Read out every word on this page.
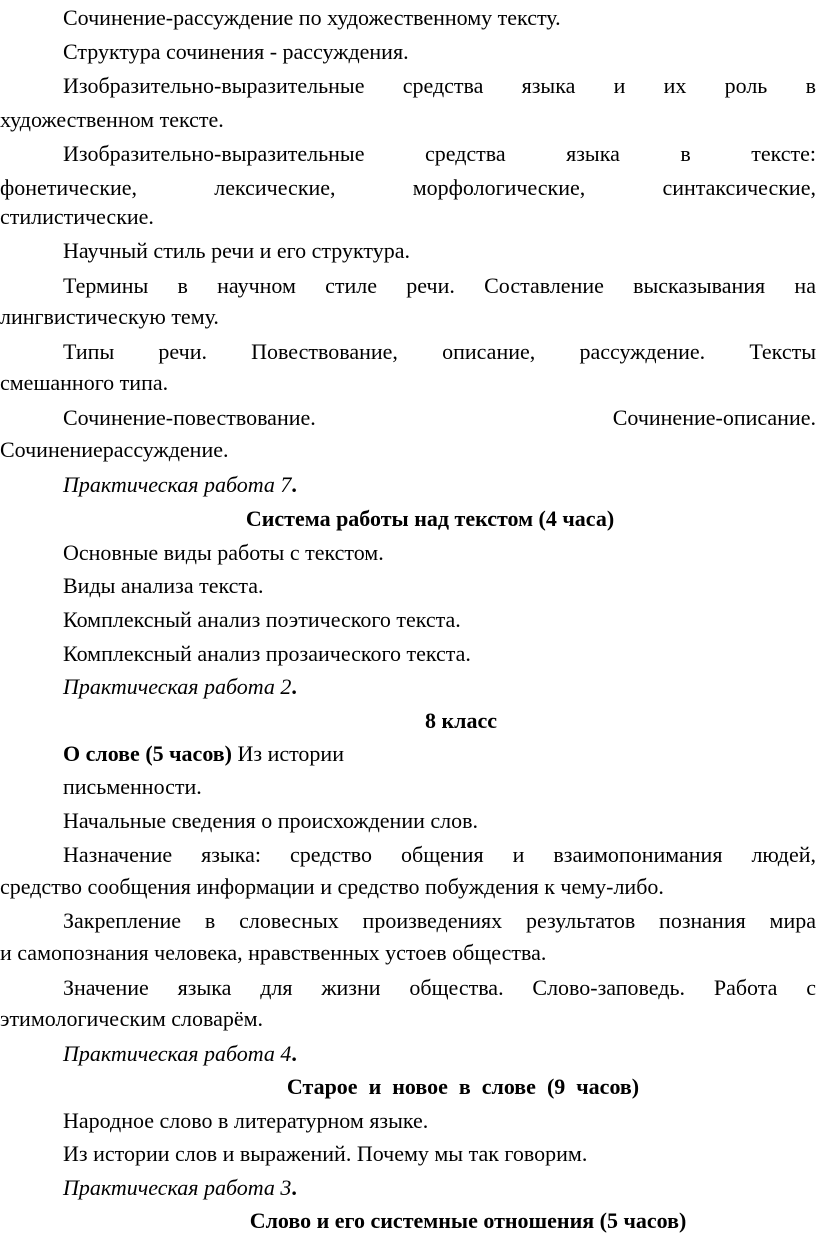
Сочинение-рассуждение по художественному тексту.
Структура сочинения - рассуждения.
Изобразительно-выразительные средства языка и их роль в
художественном тексте.
Изобразительно-выразительные	средства	языка	в	тексте:
фонетические,	лексические,	морфологические,	синтаксические,
стилистические.
Научный стиль речи и его структура.
Термины в научном стиле речи. Составление высказывания на
лингвистическую тему.
Типы речи. Повествование, описание, рассуждение. Тексты
смешанного типа.
Сочинение-повествование.	Сочинение-описание.
Сочинениерассуждение.
Практическая работа 7.
Система работы над текстом (4 часа)
Основные виды работы с текстом.
Виды анализа текста.
Комплексный анализ поэтического текста.
Комплексный анализ прозаического текста.
Практическая работа 2.
8 класс
О слове (5 часов) Из истории
письменности.
Начальные сведения о происхождении слов.
Назначение языка: средство общения и взаимопонимания людей,
средство сообщения информации и средство побуждения к чему-либо.
Закрепление в словесных произведениях результатов познания мира
и самопознания человека, нравственных устоев общества.
Значение языка для жизни общества. Слово-заповедь. Работа с
этимологическим словарём.
Практическая работа 4.
Старое  и  новое  в  слове  (9  часов)
Народное слово в литературном языке.
Из истории слов и выражений. Почему мы так говорим.
Практическая работа 3.
Слово и его системные отношения (5 часов)
